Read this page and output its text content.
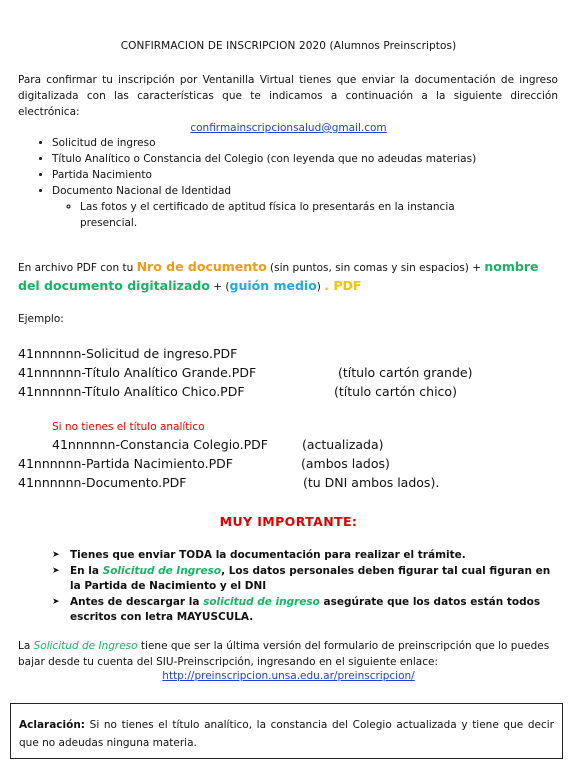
CONFIRMACION DE INSCRIPCION 2020 (Alumnos Preinscriptos)
Para confirmar tu inscripción por Ventanilla Virtual tienes que enviar la documentación de ingreso digitalizada con las características que te indicamos a continuación a la siguiente dirección electrónica:
confirmainscripcionsalud@gmail.com
• Solicitud de ingreso
• Título Analítico o Constancia del Colegio (con leyenda que no adeudas materias)
• Partida Nacimiento
• Documento Nacional de Identidad
◦ Las fotos y el certificado de aptitud física lo presentarás en la instancia presencial.
En archivo PDF con tu Nro de documento (sin puntos, sin comas y sin espacios) + nombre
del documento digitalizado + (guión medio) . PDF
Ejemplo:
41nnnnnn-Solicitud de ingreso.PDF
41nnnnnn-Título Analítico Grande.PDF	(título cartón grande)
41nnnnnn-Título Analítico Chico.PDF	(título cartón chico)
Si no tienes el título analítico
41nnnnnn-Constancia Colegio.PDF	(actualizada)
41nnnnnn-Partida Nacimiento.PDF	(ambos lados)
41nnnnnn-Documento.PDF	(tu DNI ambos lados).
MUY IMPORTANTE:
➤ Tienes que enviar TODA la documentación para realizar el trámite.
➤ En la Solicitud de Ingreso, Los datos personales deben figurar tal cual figuran en la Partida de Nacimiento y el DNI
➤ Antes de descargar la solicitud de ingreso asegúrate que los datos están todos escritos con letra MAYUSCULA.
La Solicitud de Ingreso tiene que ser la última versión del formulario de preinscripción que lo puedes bajar desde tu cuenta del SIU-Preinscripción, ingresando en el siguiente enlace:
http://preinscripcion.unsa.edu.ar/preinscripcion/
Aclaración: Si no tienes el título analítico, la constancia del Colegio actualizada y tiene que decir que no adeudas ninguna materia.
